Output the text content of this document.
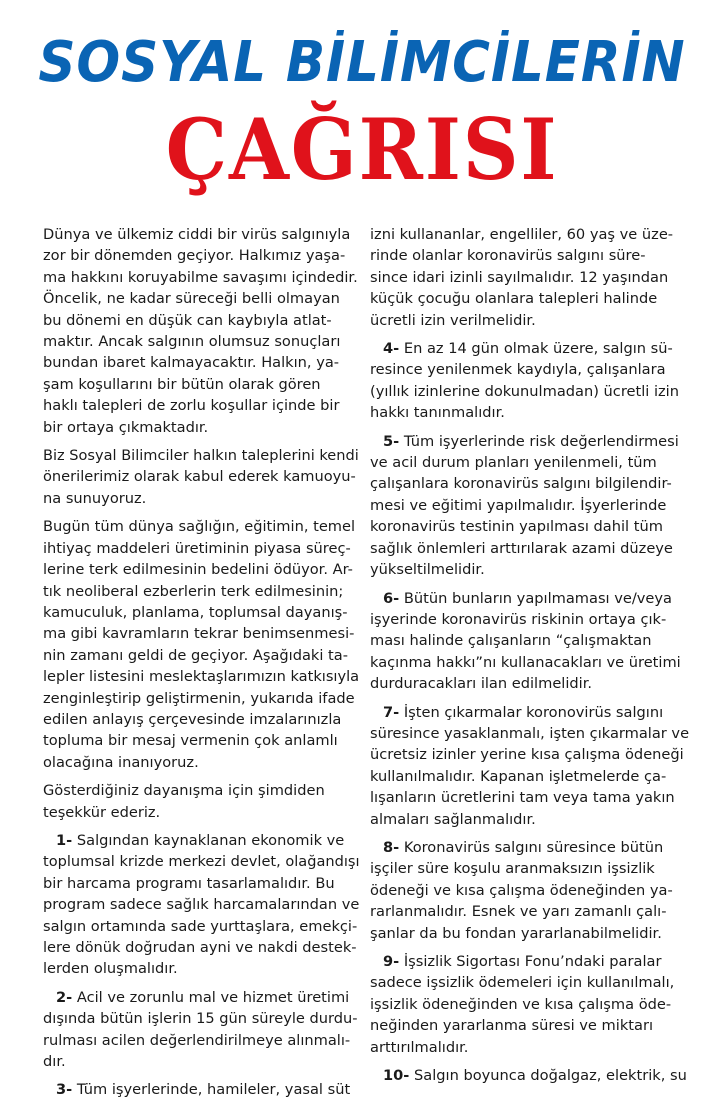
SOSYAL BİLİMCİLERİN
ÇAĞRISI
Dünya ve ülkemiz ciddi bir virüs salgınıyla
zor bir dönemden geçiyor. Halkımız yaşa-
ma hakkını koruyabilme savaşımı içindedir.
Öncelik, ne kadar süreceği belli olmayan
bu dönemi en düşük can kaybıyla atlat-
maktır. Ancak salgının olumsuz sonuçları
bundan ibaret kalmayacaktır. Halkın, ya-
şam koşullarını bir bütün olarak gören
haklı talepleri de zorlu koşullar içinde bir
bir ortaya çıkmaktadır.
Biz Sosyal Bilimciler halkın taleplerini kendi
önerilerimiz olarak kabul ederek kamuoyu-
na sunuyoruz.
Bugün tüm dünya sağlığın, eğitimin, temel
ihtiyaç maddeleri üretiminin piyasa süreç-
lerine terk edilmesinin bedelini ödüyor. Ar-
tık neoliberal ezberlerin terk edilmesinin;
kamuculuk, planlama, toplumsal dayanış-
ma gibi kavramların tekrar benimsenmesi-
nin zamanı geldi de geçiyor. Aşağıdaki ta-
lepler listesini meslektaşlarımızın katkısıyla
zenginleştirip geliştirmenin, yukarıda ifade
edilen anlayış çerçevesinde imzalarınızla
topluma bir mesaj vermenin çok anlamlı
olacağına inanıyoruz.
Gösterdiğiniz dayanışma için şimdiden
teşekkür ederiz.
1- Salgından kaynaklanan ekonomik ve
toplumsal krizde merkezi devlet, olağandışı
bir harcama programı tasarlamalıdır. Bu
program sadece sağlık harcamalarından ve
salgın ortamında sade yurttaşlara, emekçi-
lere dönük doğrudan ayni ve nakdi destek-
lerden oluşmalıdır.
2- Acil ve zorunlu mal ve hizmet üretimi
dışında bütün işlerin 15 gün süreyle durdu-
rulması acilen değerlendirilmeye alınmalı-
dır.
3- Tüm işyerlerinde, hamileler, yasal süt
izni kullananlar, engelliler, 60 yaş ve üze-
rinde olanlar koronavirüs salgını süre-
since idari izinli sayılmalıdır. 12 yaşından
küçük çocuğu olanlara talepleri halinde
ücretli izin verilmelidir.
4- En az 14 gün olmak üzere, salgın sü-
resince yenilenmek kaydıyla, çalışanlara
(yıllık izinlerine dokunulmadan) ücretli izin
hakkı tanınmalıdır.
5- Tüm işyerlerinde risk değerlendirmesi
ve acil durum planları yenilenmeli, tüm
çalışanlara koronavirüs salgını bilgilendir-
mesi ve eğitimi yapılmalıdır. İşyerlerinde
koronavirüs testinin yapılması dahil tüm
sağlık önlemleri arttırılarak azami düzeye
yükseltilmelidir.
6- Bütün bunların yapılmaması ve/veya
işyerinde koronavirüs riskinin ortaya çık-
ması halinde çalışanların “çalışmaktan
kaçınma hakkı”nı kullanacakları ve üretimi
durduracakları ilan edilmelidir.
7- İşten çıkarmalar koronovirüs salgını
süresince yasaklanmalı, işten çıkarmalar ve
ücretsiz izinler yerine kısa çalışma ödeneği
kullanılmalıdır. Kapanan işletmelerde ça-
lışanların ücretlerini tam veya tama yakın
almaları sağlanmalıdır.
8- Koronavirüs salgını süresince bütün
işçiler süre koşulu aranmaksızın işsizlik
ödeneği ve kısa çalışma ödeneğinden ya-
rarlanmalıdır. Esnek ve yarı zamanlı çalı-
şanlar da bu fondan yararlanabilmelidir.
9- İşsizlik Sigortası Fonu’ndaki paralar
sadece işsizlik ödemeleri için kullanılmalı,
işsizlik ödeneğinden ve kısa çalışma öde-
neğinden yararlanma süresi ve miktarı
arttırılmalıdır.
10- Salgın boyunca doğalgaz, elektrik, su
